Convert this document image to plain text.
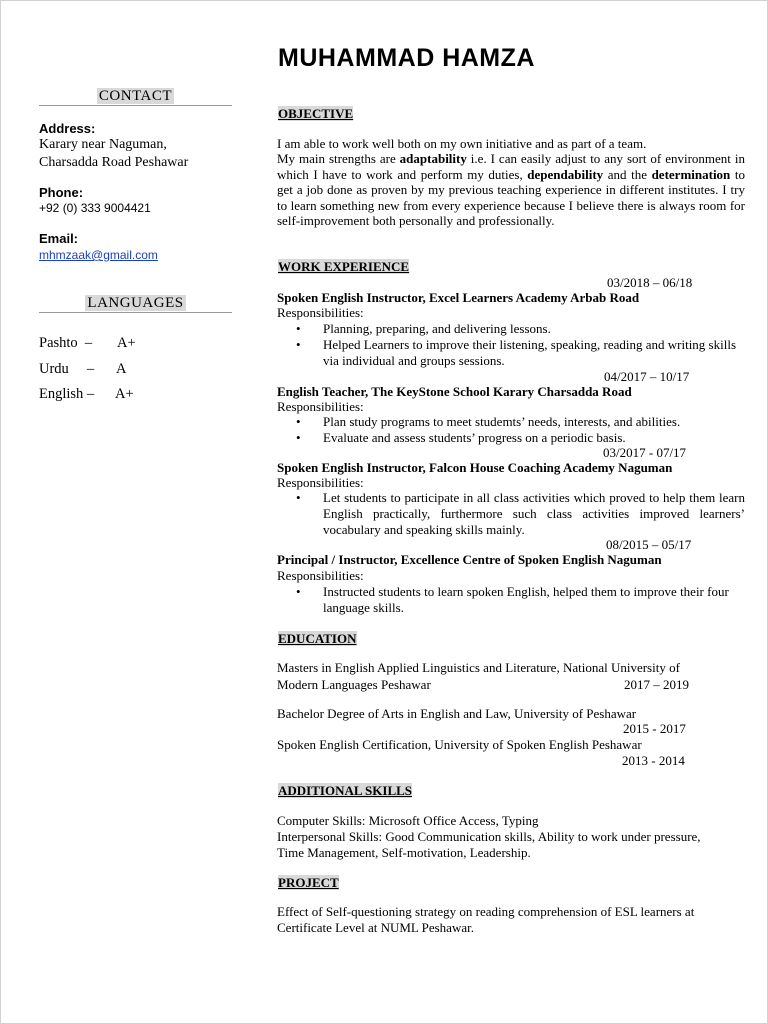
MUHAMMAD HAMZA
CONTACT
Address:
Karary near Naguman,
Charsadda Road Peshawar
Phone:
+92 (0) 333 9004421
Email:
mhmzaak@gmail.com
LANGUAGES
Pashto  – A+
Urdu     – A
English – A+
OBJECTIVE
I am able to work well both on my own initiative and as part of a team.
My main strengths are adaptability i.e. I can easily adjust to any sort of environment in which I have to work and perform my duties, dependability and the determination to get a job done as proven by my previous teaching experience in different institutes. I try to learn something new from every experience because I believe there is always room for self-improvement both personally and professionally.
WORK EXPERIENCE
03/2018 – 06/18
Spoken English Instructor, Excel Learners Academy Arbab Road
Responsibilities:
• Planning, preparing, and delivering lessons.
• Helped Learners to improve their listening, speaking, reading and writing skills via individual and groups sessions.
04/2017 – 10/17
English Teacher, The KeyStone School Karary Charsadda Road
Responsibilities:
• Plan study programs to meet studemts’ needs, interests, and abilities.
• Evaluate and assess students’ progress on a periodic basis.
03/2017 - 07/17
Spoken English Instructor, Falcon House Coaching Academy Naguman
Responsibilities:
• Let students to participate in all class activities which proved to help them learn English practically, furthermore such class activities improved learners’ vocabulary and speaking skills mainly.
08/2015 – 05/17
Principal / Instructor, Excellence Centre of Spoken English Naguman
Responsibilities:
• Instructed students to learn spoken English, helped them to improve their four language skills.
EDUCATION
Masters in English Applied Linguistics and Literature, National University of
Modern Languages Peshawar	2017 – 2019
Bachelor Degree of Arts in English and Law, University of Peshawar
2015 - 2017
Spoken English Certification, University of Spoken English Peshawar
2013 - 2014
ADDITIONAL SKILLS
Computer Skills: Microsoft Office Access, Typing
Interpersonal Skills: Good Communication skills, Ability to work under pressure,
Time Management, Self-motivation, Leadership.
PROJECT
Effect of Self-questioning strategy on reading comprehension of ESL learners at
Certificate Level at NUML Peshawar.
